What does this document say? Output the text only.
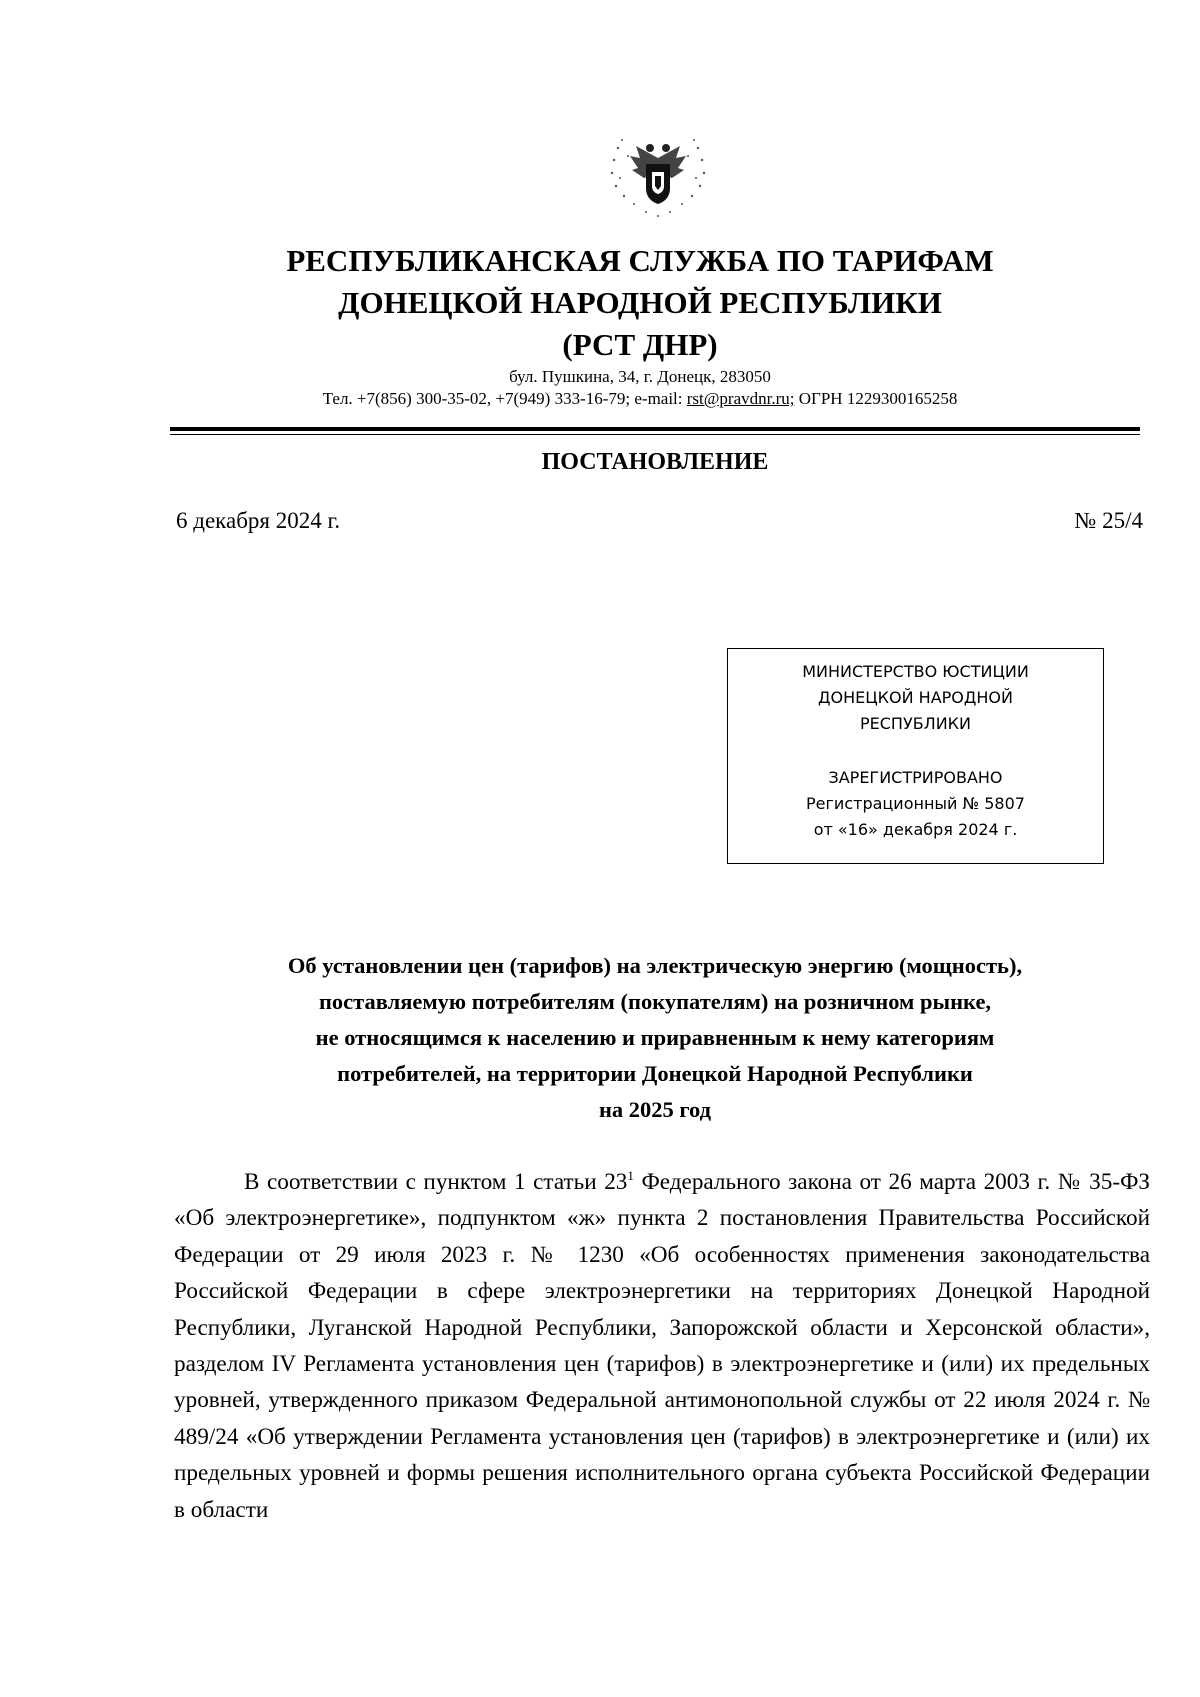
РЕСПУБЛИКАНСКАЯ СЛУЖБА ПО ТАРИФАМ
ДОНЕЦКОЙ НАРОДНОЙ РЕСПУБЛИКИ
(РСТ ДНР)
бул. Пушкина, 34, г. Донецк, 283050
Тел. +7(856) 300-35-02, +7(949) 333-16-79; e-mail: rst@pravdnr.ru; ОГРН 1229300165258
ПОСТАНОВЛЕНИЕ
6 декабря 2024 г.	№ 25/4
МИНИСТЕРСТВО ЮСТИЦИИ
ДОНЕЦКОЙ НАРОДНОЙ
РЕСПУБЛИКИ
ЗАРЕГИСТРИРОВАНО
Регистрационный № 5807
от «16» декабря 2024 г.
Об установлении цен (тарифов) на электрическую энергию (мощность),
поставляемую потребителям (покупателям) на розничном рынке,
не относящимся к населению и приравненным к нему категориям
потребителей, на территории Донецкой Народной Республики
на 2025 год

В соответствии с пунктом 1 статьи $23^1$ Федерального закона от 26 марта 2003 г. № 35-ФЗ «Об электроэнергетике», подпунктом «ж» пункта 2 постановления Правительства Российской Федерации от 29 июля 2023 г. № 1230 «Об особенностях применения законодательства Российской Федерации в сфере электроэнергетики на территориях Донецкой Народной Республики, Луганской Народной Республики, Запорожской области и Херсонской области», разделом IV Регламента установления цен (тарифов) в электроэнергетике и (или) их предельных уровней, утвержденного приказом Федеральной антимонопольной службы от 22 июля 2024 г. № 489/24 «Об утверждении Регламента установления цен (тарифов) в электроэнергетике и (или) их предельных уровней и формы решения исполнительного органа субъекта Российской Федерации в области
